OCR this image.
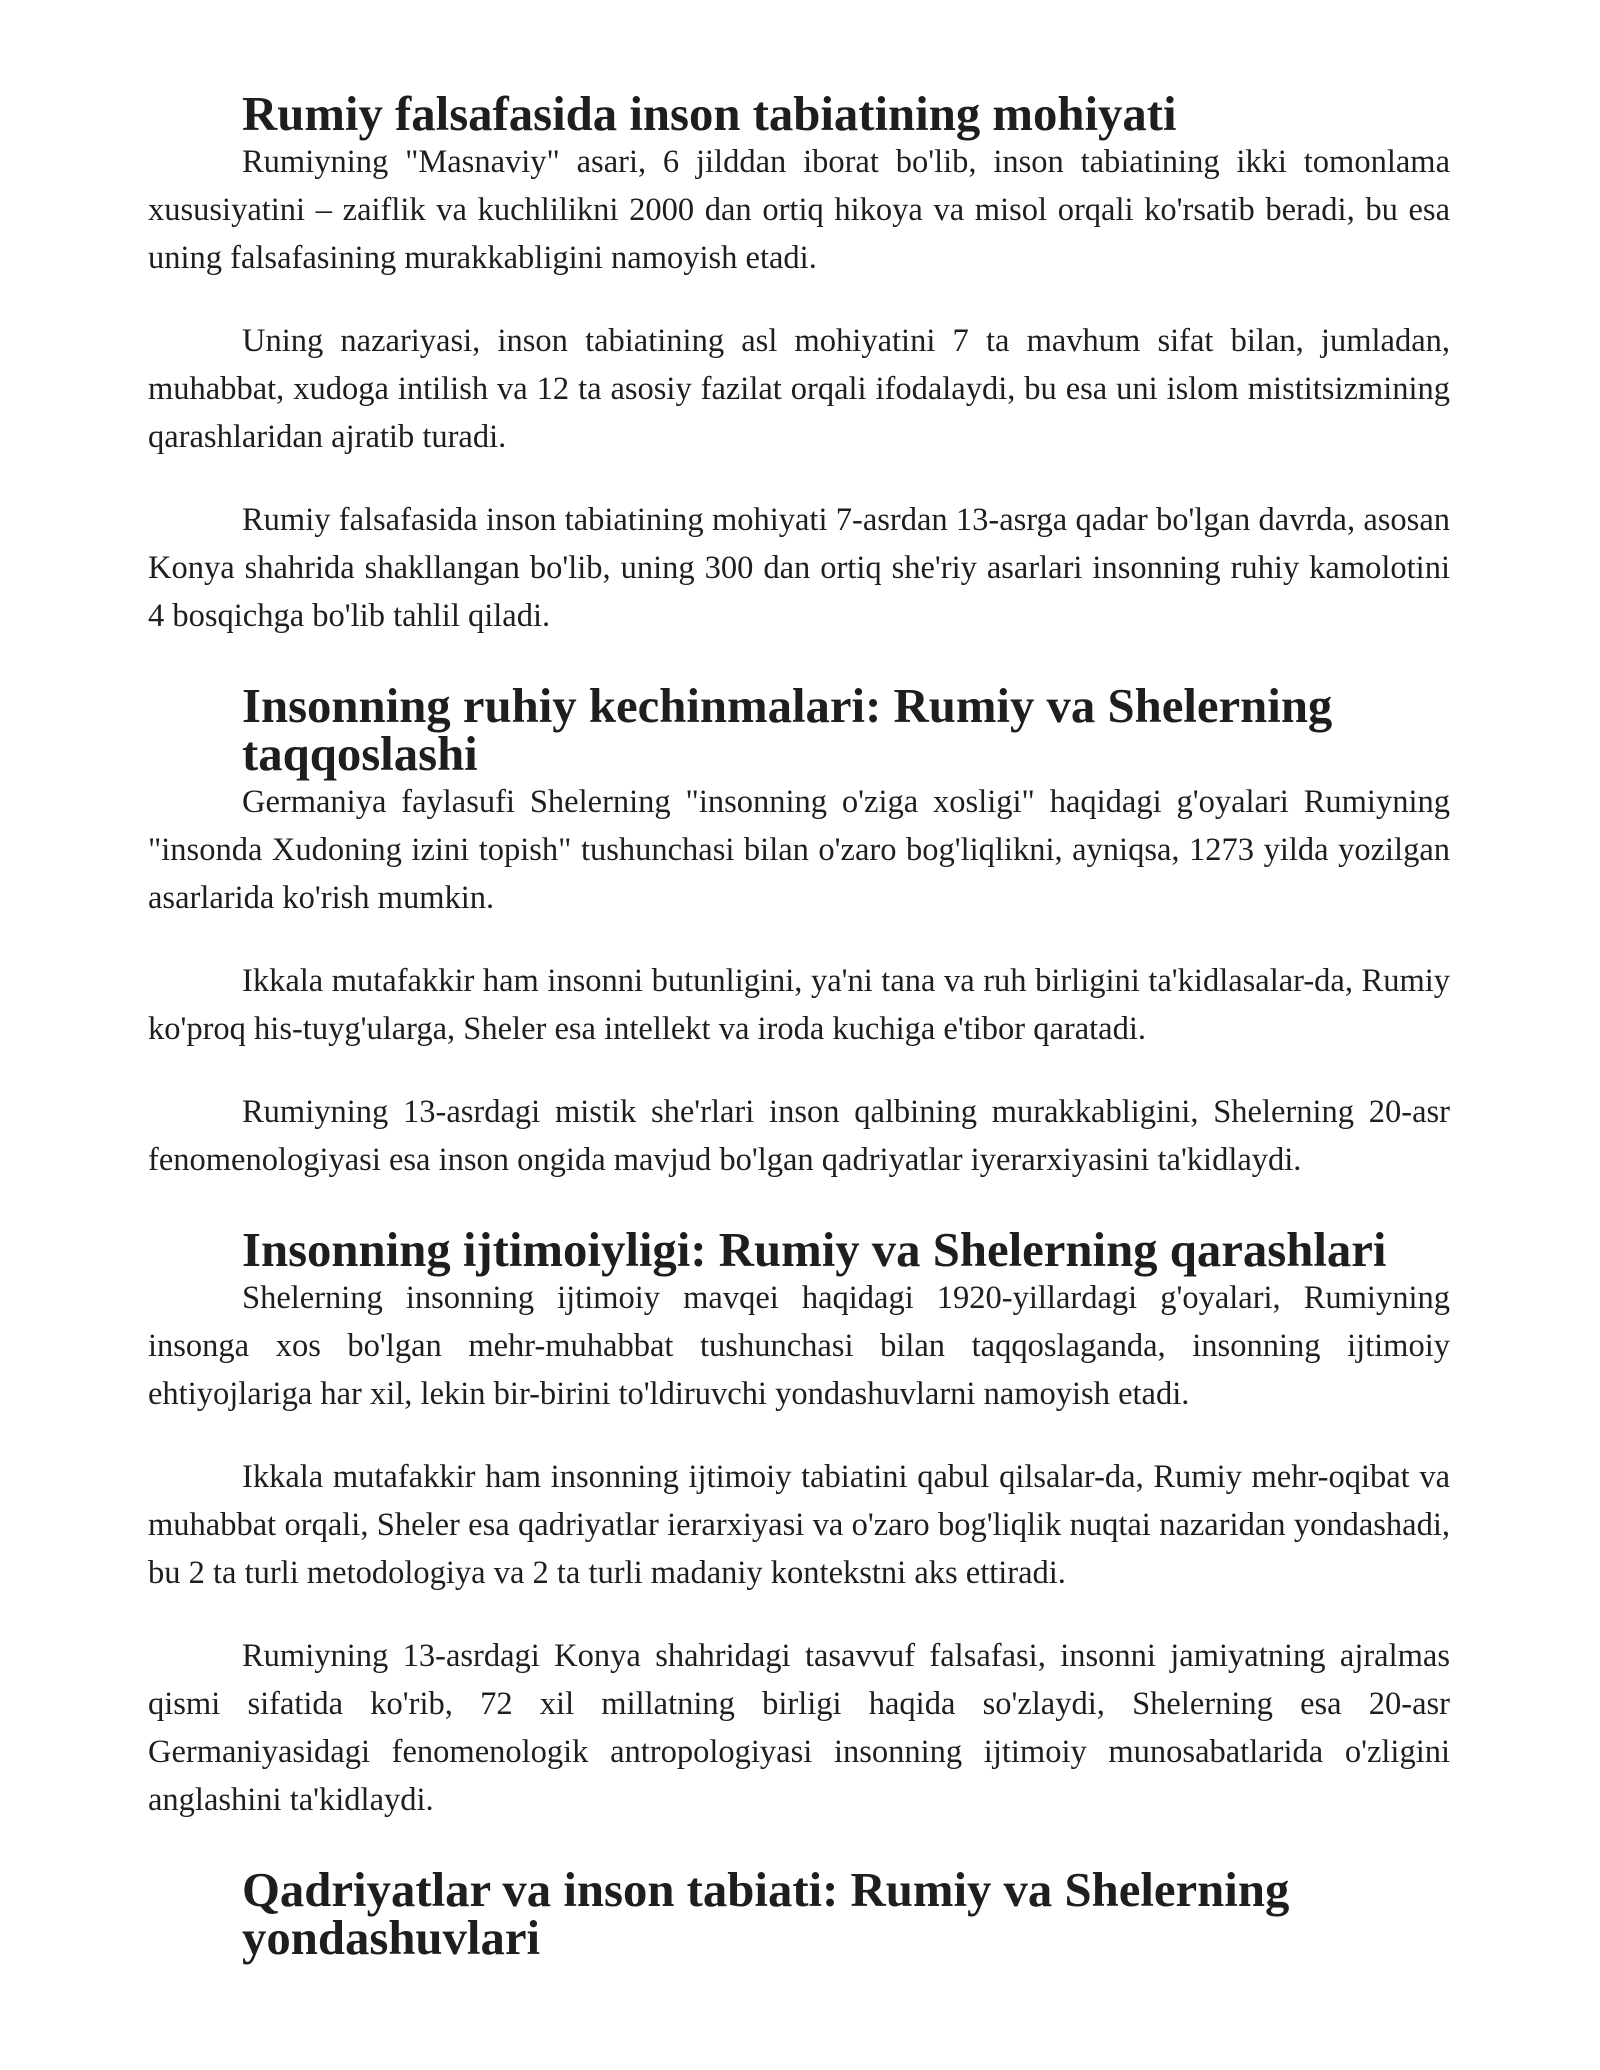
Rumiy falsafasida inson tabiatining mohiyati

Rumiyning "Masnaviy" asari, 6 jilddan iborat bo'lib, inson tabiatining ikki tomonlama xususiyatini – zaiflik va kuchlilikni 2000 dan ortiq hikoya va misol orqali ko'rsatib beradi, bu esa uning falsafasining murakkabligini namoyish etadi.

Uning nazariyasi, inson tabiatining asl mohiyatini 7 ta mavhum sifat bilan, jumladan, muhabbat, xudoga intilish va 12 ta asosiy fazilat orqali ifodalaydi, bu esa uni islom mistitsizmining qarashlaridan ajratib turadi.

Rumiy falsafasida inson tabiatining mohiyati 7-asrdan 13-asrga qadar bo'lgan davrda, asosan Konya shahrida shakllangan bo'lib, uning 300 dan ortiq she'riy asarlari insonning ruhiy kamolotini 4 bosqichga bo'lib tahlil qiladi.

Insonning ruhiy kechinmalari: Rumiy va Shelerning taqqoslashi

Germaniya faylasufi Shelerning "insonning o'ziga xosligi" haqidagi g'oyalari Rumiyning "insonda Xudoning izini topish" tushunchasi bilan o'zaro bog'liqlikni, ayniqsa, 1273 yilda yozilgan asarlarida ko'rish mumkin.

Ikkala mutafakkir ham insonni butunligini, ya'ni tana va ruh birligini ta'kidlasalar-da, Rumiy ko'proq his-tuyg'ularga, Sheler esa intellekt va iroda kuchiga e'tibor qaratadi.

Rumiyning 13-asrdagi mistik she'rlari inson qalbining murakkabligini, Shelerning 20-asr fenomenologiyasi esa inson ongida mavjud bo'lgan qadriyatlar iyerarxiyasini ta'kidlaydi.

Insonning ijtimoiyligi: Rumiy va Shelerning qarashlari

Shelerning insonning ijtimoiy mavqei haqidagi 1920-yillardagi g'oyalari, Rumiyning insonga xos bo'lgan mehr-muhabbat tushunchasi bilan taqqoslaganda, insonning ijtimoiy ehtiyojlariga har xil, lekin bir-birini to'ldiruvchi yondashuvlarni namoyish etadi.

Ikkala mutafakkir ham insonning ijtimoiy tabiatini qabul qilsalar-da, Rumiy mehr-oqibat va muhabbat orqali, Sheler esa qadriyatlar ierarxiyasi va o'zaro bog'liqlik nuqtai nazaridan yondashadi, bu 2 ta turli metodologiya va 2 ta turli madaniy kontekstni aks ettiradi.

Rumiyning 13-asrdagi Konya shahridagi tasavvuf falsafasi, insonni jamiyatning ajralmas qismi sifatida ko'rib, 72 xil millatning birligi haqida so'zlaydi, Shelerning esa 20-asr Germaniyasidagi fenomenologik antropologiyasi insonning ijtimoiy munosabatlarida o'zligini anglashini ta'kidlaydi.

Qadriyatlar va inson tabiati: Rumiy va Shelerning yondashuvlari
